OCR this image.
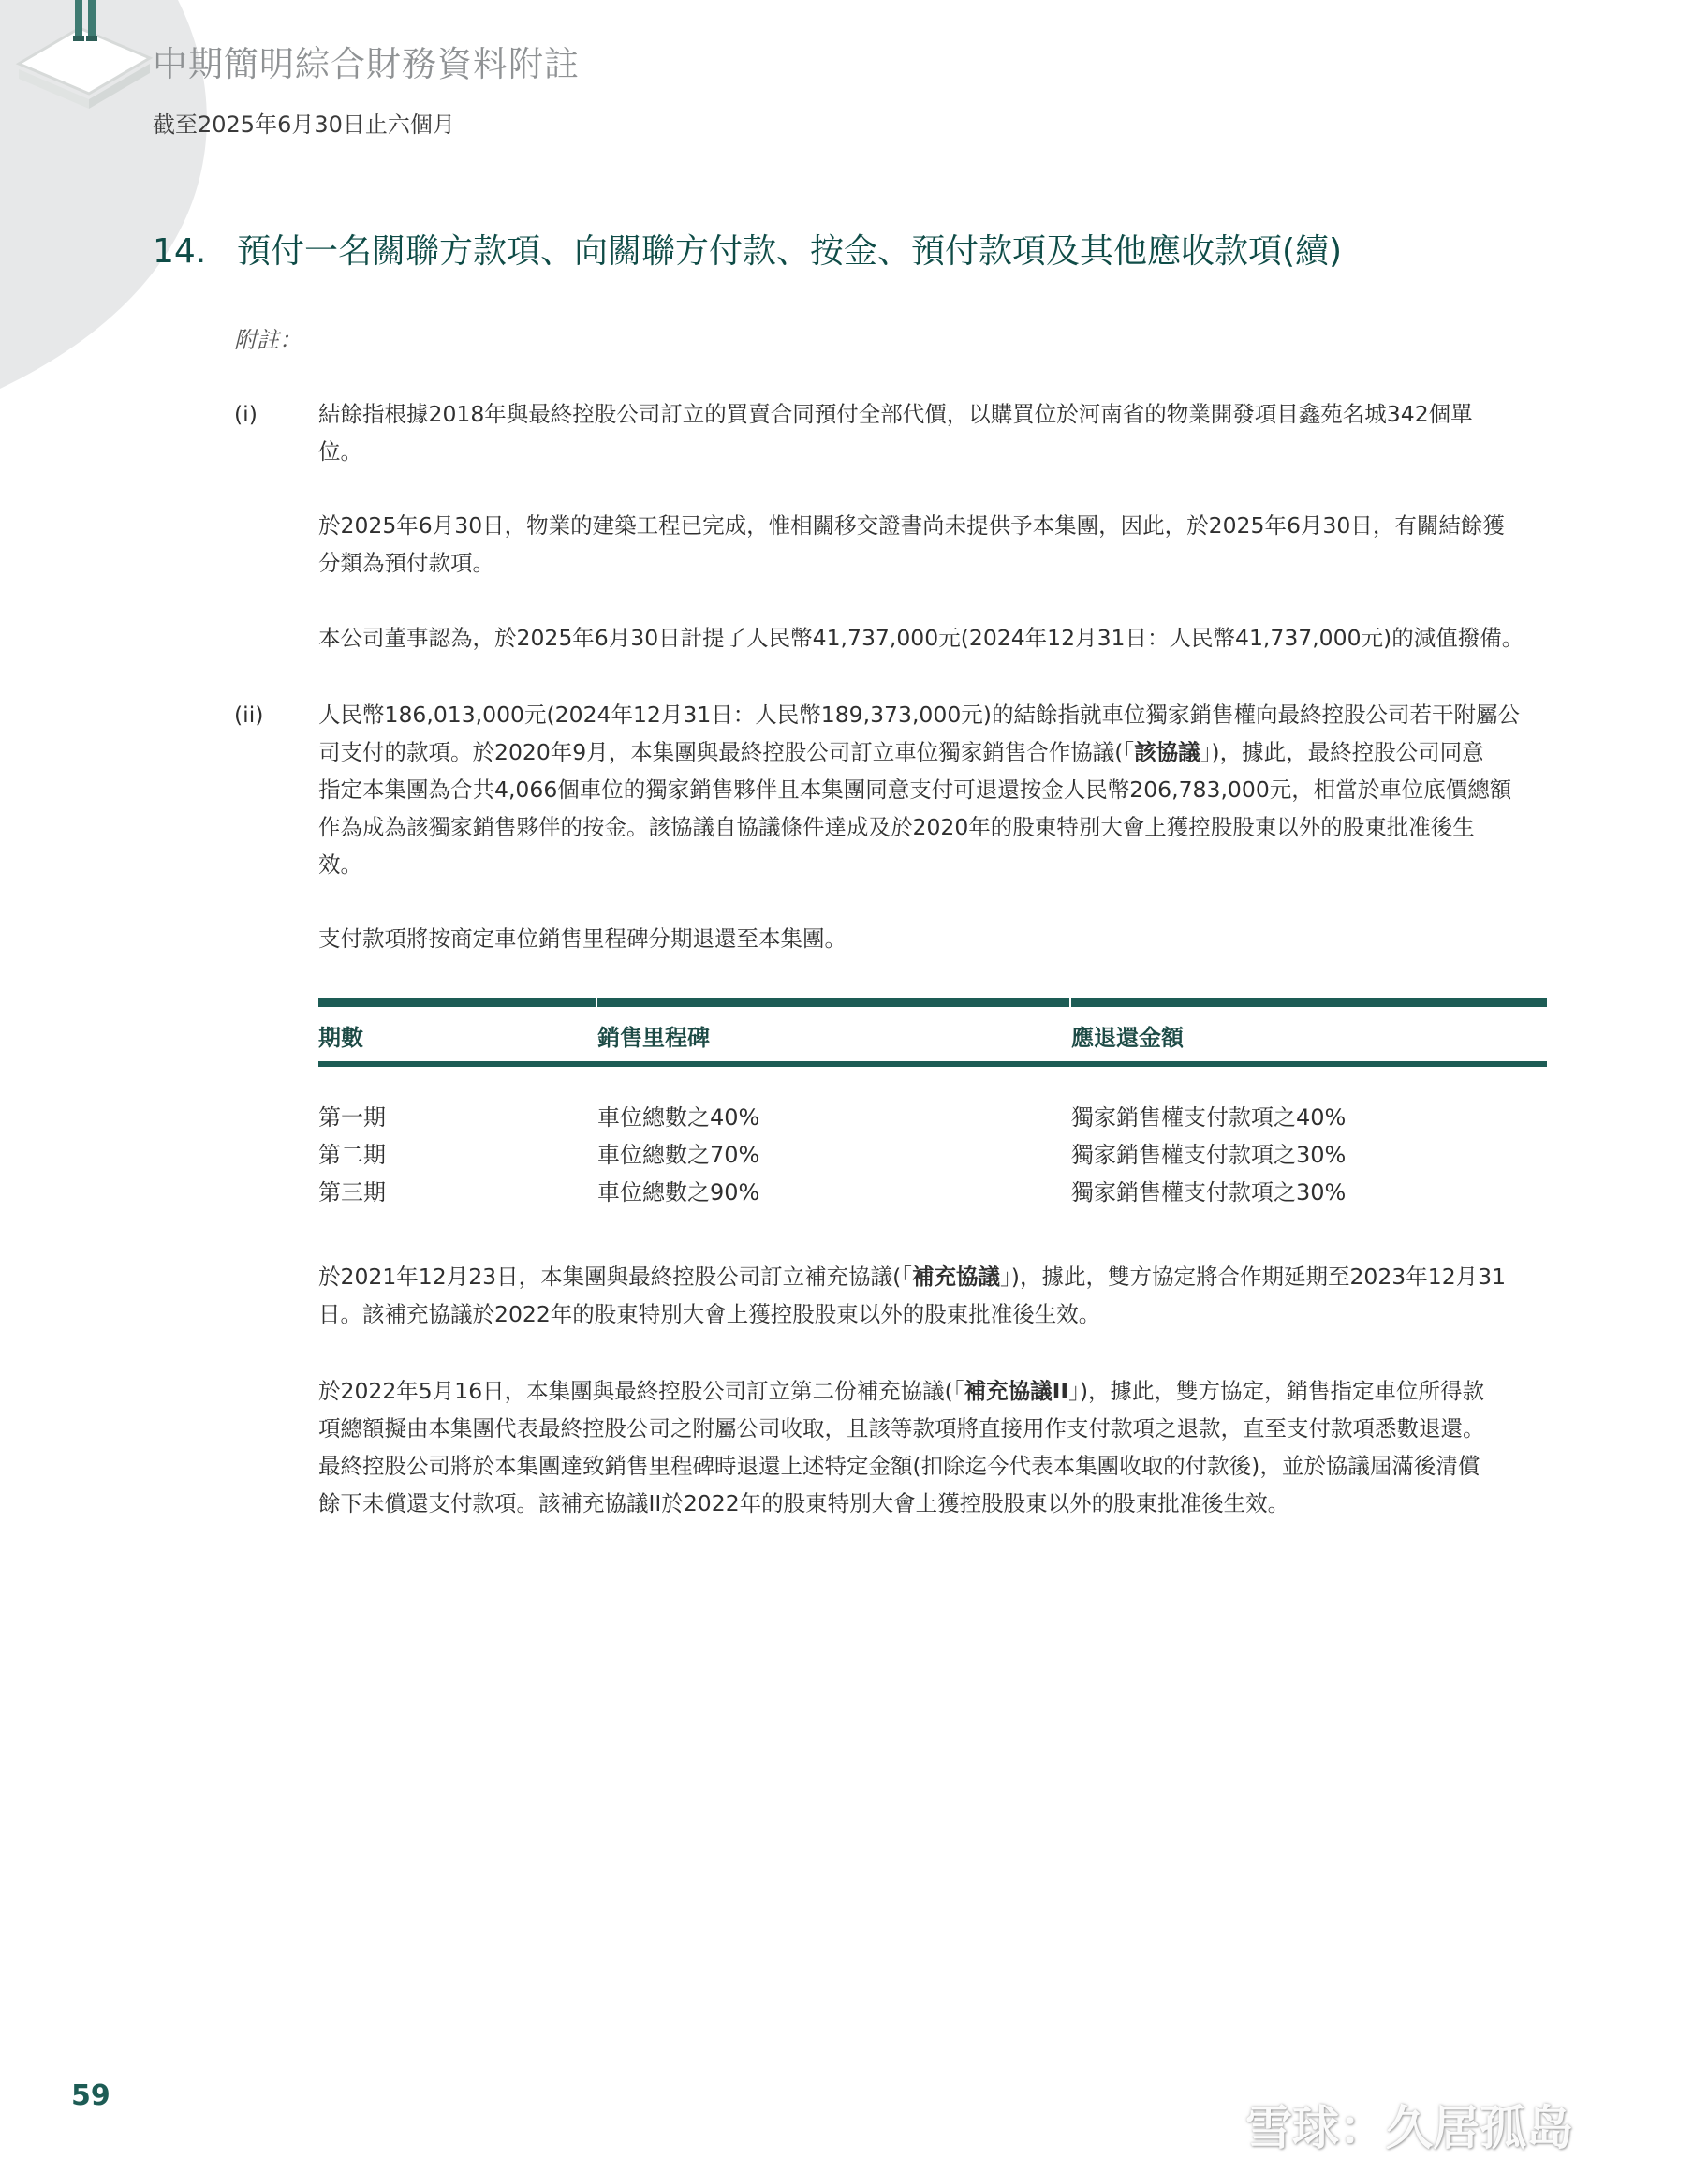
中期簡明綜合財務資料附註
截至2025年6月30日止六個月
14. 預付一名關聯方款項、向關聯方付款、按金、預付款項及其他應收款項(續)
附註：
(i)	結餘指根據2018年與最終控股公司訂立的買賣合同預付全部代價，以購買位於河南省的物業開發項目鑫苑名城342個單
位。
於2025年6月30日，物業的建築工程已完成，惟相關移交證書尚未提供予本集團，因此，於2025年6月30日，有關結餘獲
分類為預付款項。
本公司董事認為，於2025年6月30日計提了人民幣41,737,000元(2024年12月31日：人民幣41,737,000元)的減值撥備。
(ii) 人民幣186,013,000元(2024年12月31日：人民幣189,373,000元)的結餘指就車位獨家銷售權向最終控股公司若干附屬公
司支付的款項。於2020年9月，本集團與最終控股公司訂立車位獨家銷售合作協議(「該協議」)，據此，最終控股公司同意
指定本集團為合共4,066個車位的獨家銷售夥伴且本集團同意支付可退還按金人民幣206,783,000元，相當於車位底價總額
作為成為該獨家銷售夥伴的按金。該協議自協議條件達成及於2020年的股東特別大會上獲控股股東以外的股東批准後生
效。
支付款項將按商定車位銷售里程碑分期退還至本集團。
期數	銷售里程碑	應退還金額
第一期	車位總數之40%	獨家銷售權支付款項之40%
第二期	車位總數之70%	獨家銷售權支付款項之30%
第三期	車位總數之90%	獨家銷售權支付款項之30%
於2021年12月23日，本集團與最終控股公司訂立補充協議(「補充協議」)，據此，雙方協定將合作期延期至2023年12月31
日。該補充協議於2022年的股東特別大會上獲控股股東以外的股東批准後生效。
於2022年5月16日，本集團與最終控股公司訂立第二份補充協議(「補充協議II」)，據此，雙方協定，銷售指定車位所得款
項總額擬由本集團代表最終控股公司之附屬公司收取，且該等款項將直接用作支付款項之退款，直至支付款項悉數退還。
最終控股公司將於本集團達致銷售里程碑時退還上述特定金額(扣除迄今代表本集團收取的付款後)，並於協議屆滿後清償
餘下未償還支付款項。該補充協議II於2022年的股東特別大會上獲控股股東以外的股東批准後生效。
59
雪球：久居孤岛
